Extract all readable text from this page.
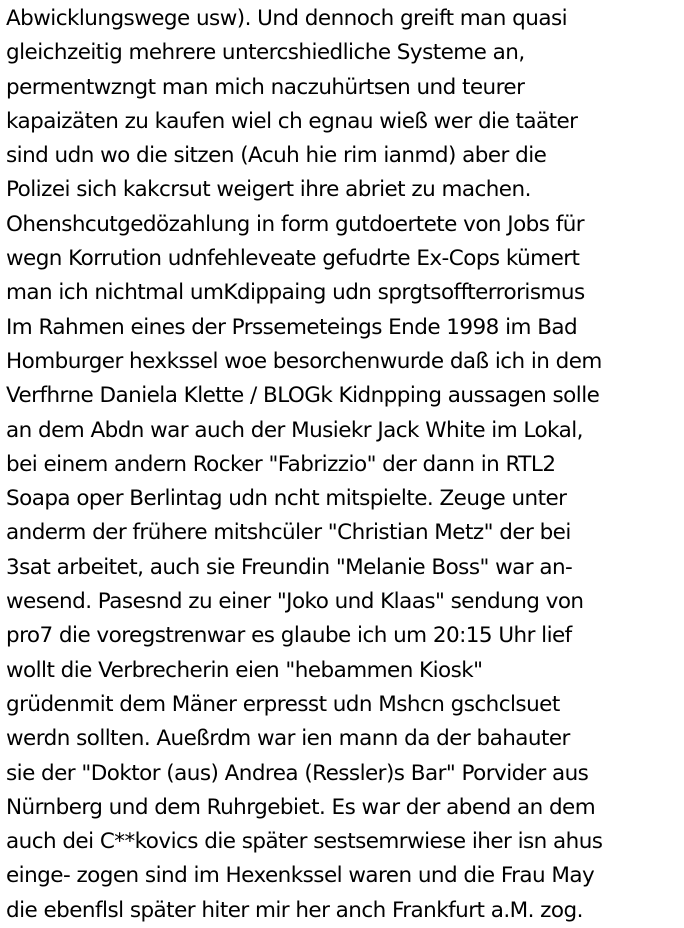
Abwicklungswege usw). Und dennoch greift man quasi
gleichzeitig mehrere untercshiedliche Systeme an,
permentwzngt man mich naczuhürtsen und teurer
kapaizäten zu kaufen wiel ch egnau wieß wer die taäter
sind udn wo die sitzen (Acuh hie rim ianmd) aber die
Polizei sich kakcrsut weigert ihre abriet zu machen.
Ohenshcutgedözahlung in form gutdoertete von Jobs für
wegn Korrution udnfehleveate gefudrte Ex-Cops kümert
man ich nichtmal umKdippaing udn sprgtsoffterrorismus
Im Rahmen eines der Prssemeteings Ende 1998 im Bad
Homburger hexkssel woe besorchenwurde daß ich in dem
Verfhrne Daniela Klette / BLOGk Kidnpping aussagen solle
an dem Abdn war auch der Musiekr Jack White im Lokal,
bei einem andern Rocker "Fabrizzio" der dann in RTL2
Soapa oper Berlintag udn ncht mitspielte. Zeuge unter
anderm der frühere mitshcüler "Christian Metz" der bei
3sat arbeitet, auch sie Freundin "Melanie Boss" war an-
wesend. Pasesnd zu einer "Joko und Klaas" sendung von
pro7 die voregstrenwar es glaube ich um 20:15 Uhr lief
wollt die Verbrecherin eien "hebammen Kiosk"
grüdenmit dem Mäner erpresst udn Mshcn gschclsuet
werdn sollten. Aueßrdm war ien mann da der bahauter
sie der "Doktor (aus) Andrea (Ressler)s Bar" Porvider aus
Nürnberg und dem Ruhrgebiet. Es war der abend an dem
auch dei C**kovics die später sestsemrwiese iher isn ahus
einge- zogen sind im Hexenkssel waren und die Frau May
die ebenflsl später hiter mir her anch Frankfurt a.M. zog.
